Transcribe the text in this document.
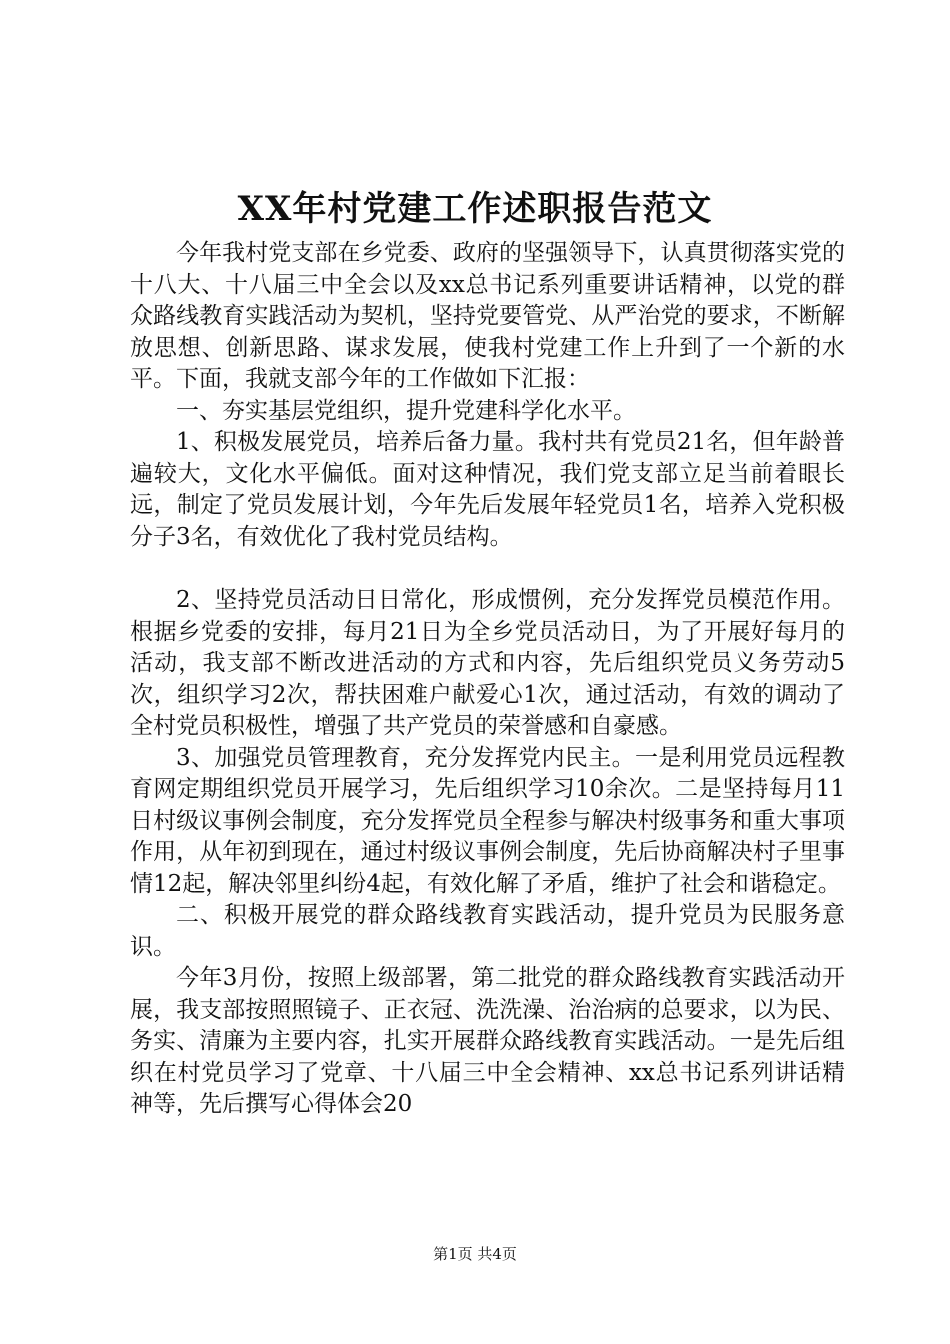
XX年村党建工作述职报告范文

今年我村党支部在乡党委、政府的坚强领导下，认真贯彻落实党的十八大、十八届三中全会以及xx总书记系列重要讲话精神，以党的群众路线教育实践活动为契机，坚持党要管党、从严治党的要求，不断解放思想、创新思路、谋求发展，使我村党建工作上升到了一个新的水平。下面，我就支部今年的工作做如下汇报：

一、夯实基层党组织，提升党建科学化水平。

1、积极发展党员，培养后备力量。我村共有党员21名，但年龄普遍较大，文化水平偏低。面对这种情况，我们党支部立足当前着眼长远，制定了党员发展计划，今年先后发展年轻党员1名，培养入党积极分子3名，有效优化了我村党员结构。

2、坚持党员活动日日常化，形成惯例，充分发挥党员模范作用。根据乡党委的安排，每月21日为全乡党员活动日，为了开展好每月的活动，我支部不断改进活动的方式和内容，先后组织党员义务劳动5次，组织学习2次，帮扶困难户献爱心1次，通过活动，有效的调动了全村党员积极性，增强了共产党员的荣誉感和自豪感。

3、加强党员管理教育，充分发挥党内民主。一是利用党员远程教育网定期组织党员开展学习，先后组织学习10余次。二是坚持每月11日村级议事例会制度，充分发挥党员全程参与解决村级事务和重大事项作用，从年初到现在，通过村级议事例会制度，先后协商解决村子里事情12起，解决邻里纠纷4起，有效化解了矛盾，维护了社会和谐稳定。

二、积极开展党的群众路线教育实践活动，提升党员为民服务意识。

今年3月份，按照上级部署，第二批党的群众路线教育实践活动开展，我支部按照照镜子、正衣冠、洗洗澡、治治病的总要求，以为民、务实、清廉为主要内容，扎实开展群众路线教育实践活动。一是先后组织在村党员学习了党章、十八届三中全会精神、xx总书记系列讲话精神等，先后撰写心得体会20

第1页 共4页
